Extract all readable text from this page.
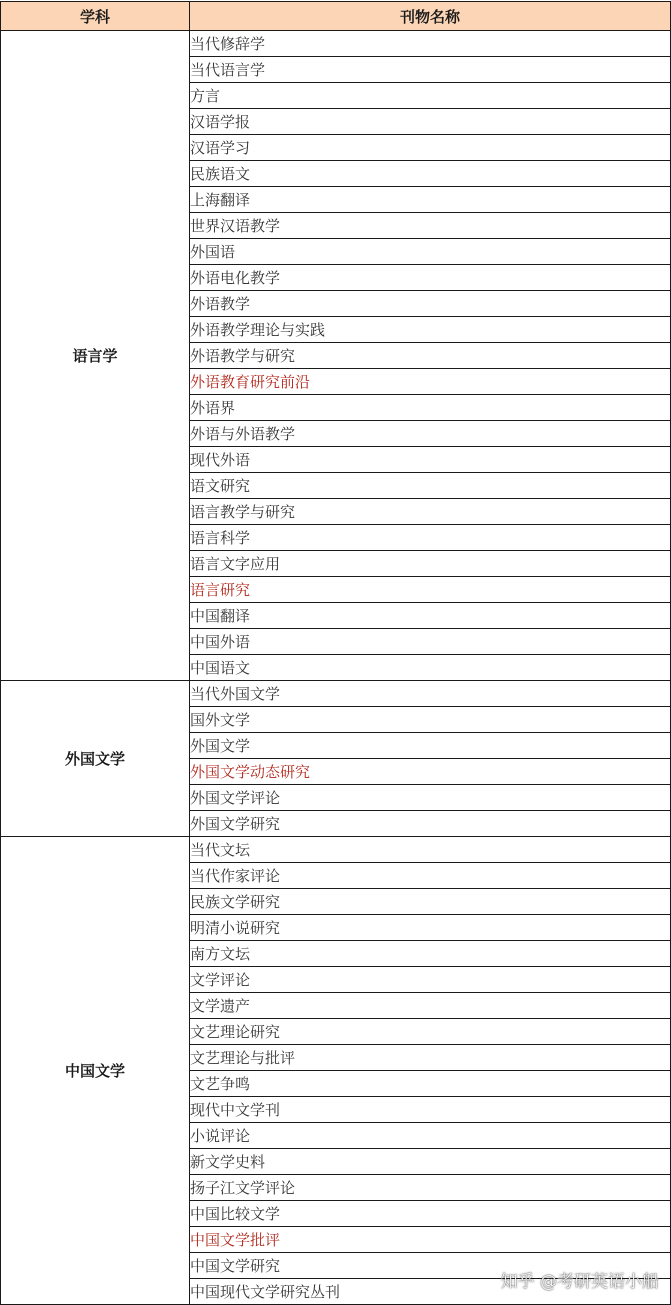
学科	刊物名称
语言学	当代修辞学
	当代语言学
	方言
	汉语学报
	汉语学习
	民族语文
	上海翻译
	世界汉语教学
	外国语
	外语电化教学
	外语教学
	外语教学理论与实践
	外语教学与研究
	外语教育研究前沿
	外语界
	外语与外语教学
	现代外语
	语文研究
	语言教学与研究
	语言科学
	语言文字应用
	语言研究
	中国翻译
	中国外语
	中国语文
外国文学	当代外国文学
	国外文学
	外国文学
	外国文学动态研究
	外国文学评论
	外国文学研究
中国文学	当代文坛
	当代作家评论
	民族文学研究
	明清小说研究
	南方文坛
	文学评论
	文学遗产
	文艺理论研究
	文艺理论与批评
	文艺争鸣
	现代中文学刊
	小说评论
	新文学史料
	扬子江文学评论
	中国比较文学
	中国文学批评
	中国文学研究
	中国现代文学研究丛刊	知乎 @考研英语小船
